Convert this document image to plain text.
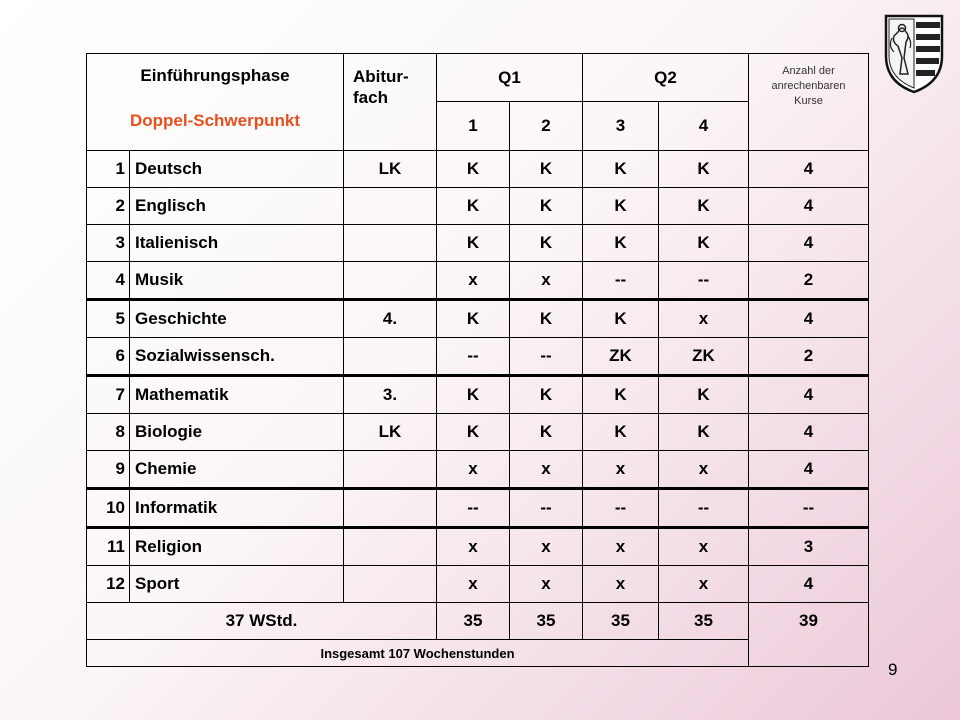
Einführungsphase
Doppel-Schwerpunkt		Abitur-
fach	Q1		Q2		Anzahl der
anrechenbaren
Kurse
			1	2	3	4	
1	Deutsch	LK	K	K	K	K	4
2	Englisch		K	K	K	K	4
3	Italienisch		K	K	K	K	4
4	Musik		x	x	--	--	2
5	Geschichte	4.	K	K	K	x	4
6	Sozialwissensch.		--	--	ZK	ZK	2
7	Mathematik	3.	K	K	K	K	4
8	Biologie	LK	K	K	K	K	4
9	Chemie		x	x	x	x	4
10	Informatik		--	--	--	--	--
11	Religion		x	x	x	x	3
12	Sport		x	x	x	x	4
37 WStd.			35	35	35	35	39
Insgesamt 107 Wochenstunden							
9
